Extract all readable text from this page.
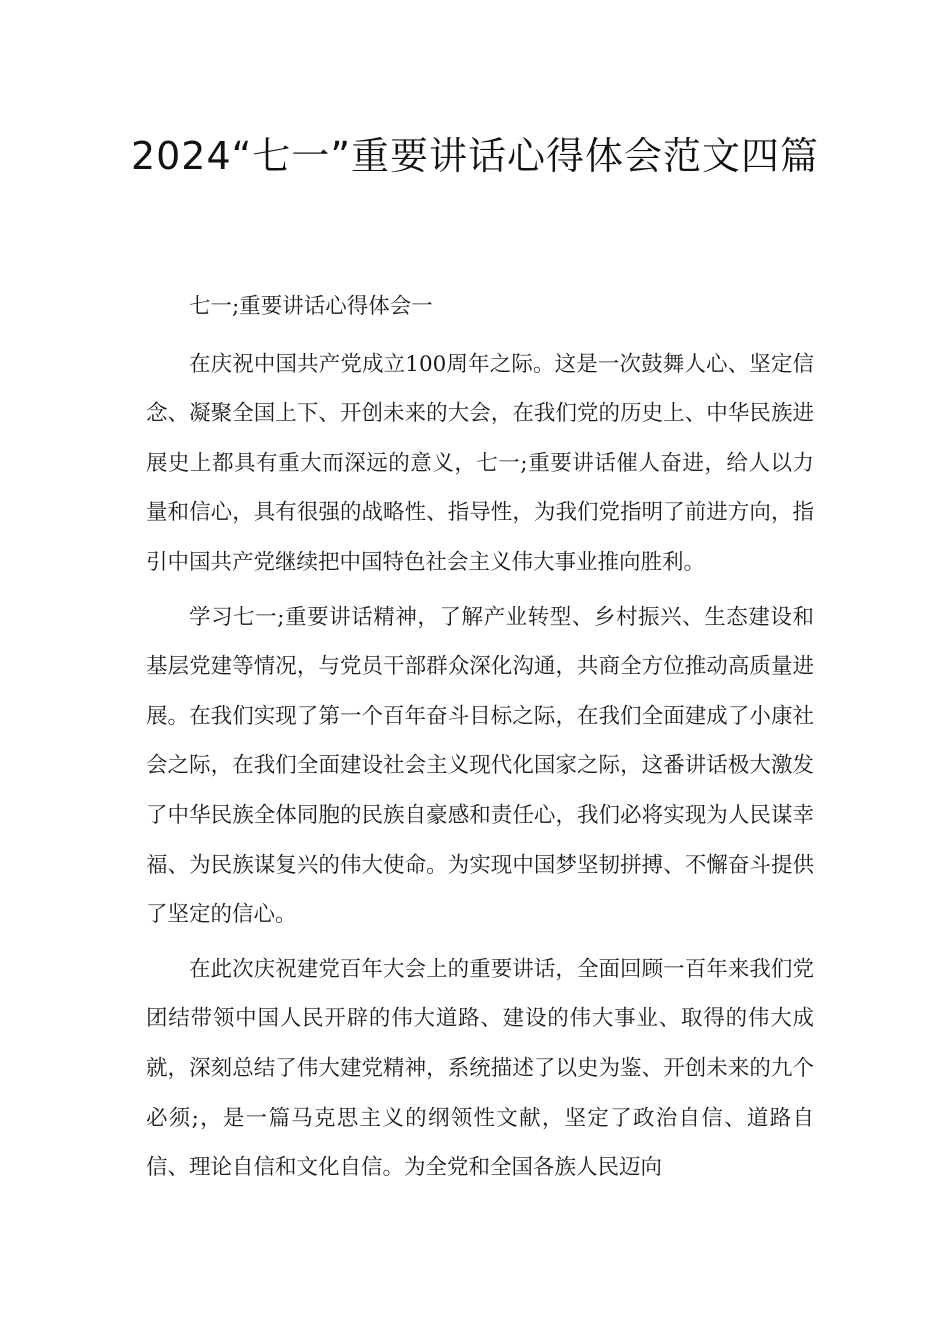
2024“七一”重要讲话心得体会范文四篇

七一;重要讲话心得体会一

在庆祝中国共产党成立100周年之际。这是一次鼓舞人心、坚定信念、凝聚全国上下、开创未来的大会，在我们党的历史上、中华民族进展史上都具有重大而深远的意义，七一;重要讲话催人奋进，给人以力量和信心，具有很强的战略性、指导性，为我们党指明了前进方向，指引中国共产党继续把中国特色社会主义伟大事业推向胜利。

学习七一;重要讲话精神，了解产业转型、乡村振兴、生态建设和基层党建等情况，与党员干部群众深化沟通，共商全方位推动高质量进展。在我们实现了第一个百年奋斗目标之际，在我们全面建成了小康社会之际，在我们全面建设社会主义现代化国家之际，这番讲话极大激发了中华民族全体同胞的民族自豪感和责任心，我们必将实现为人民谋幸福、为民族谋复兴的伟大使命。为实现中国梦坚韧拼搏、不懈奋斗提供了坚定的信心。

在此次庆祝建党百年大会上的重要讲话，全面回顾一百年来我们党团结带领中国人民开辟的伟大道路、建设的伟大事业、取得的伟大成就，深刻总结了伟大建党精神，系统描述了以史为鉴、开创未来的九个必须;，是一篇马克思主义的纲领性文献，坚定了政治自信、道路自信、理论自信和文化自信。为全党和全国各族人民迈向
